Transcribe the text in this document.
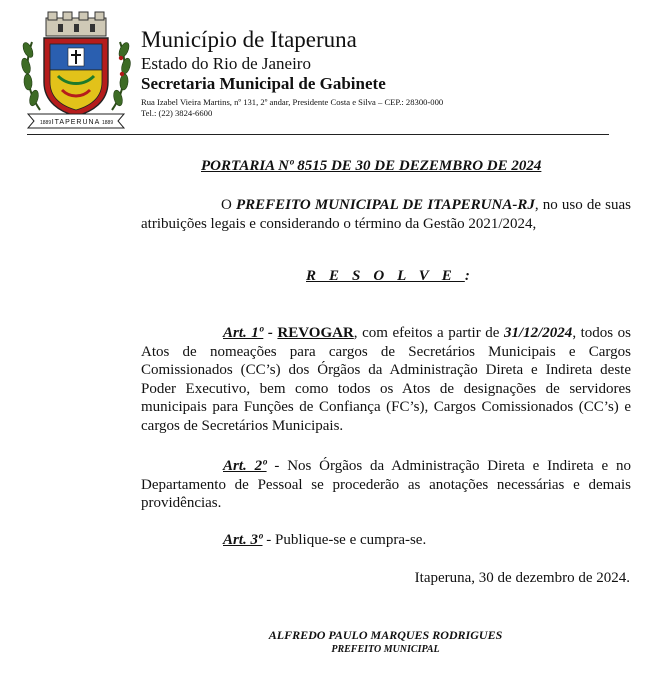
1889 ITAPERUNA 1889
Município de Itaperuna
Estado do Rio de Janeiro
Secretaria Municipal de Gabinete
Rua Izabel Vieira Martins, nº 131, 2º andar, Presidente Costa e Silva – CEP.: 28300-000
Tel.: (22) 3824-6600
PORTARIA Nº 8515 DE 30 DE DEZEMBRO DE 2024
O PREFEITO MUNICIPAL DE ITAPERUNA-RJ, no uso de suas atribuições legais e considerando o término da Gestão 2021/2024,
RESOLVE:
Art. 1º - REVOGAR, com efeitos a partir de 31/12/2024, todos os Atos de nomeações para cargos de Secretários Municipais e Cargos Comissionados (CC’s) dos Órgãos da Administração Direta e Indireta deste Poder Executivo, bem como todos os Atos de designações de servidores municipais para Funções de Confiança (FC’s), Cargos Comissionados (CC’s) e cargos de Secretários Municipais.
Art. 2º - Nos Órgãos da Administração Direta e Indireta e no Departamento de Pessoal se procederão as anotações necessárias e demais providências.
Art. 3º - Publique-se e cumpra-se.
Itaperuna, 30 de dezembro de 2024.
ALFREDO PAULO MARQUES RODRIGUES
PREFEITO MUNICIPAL
